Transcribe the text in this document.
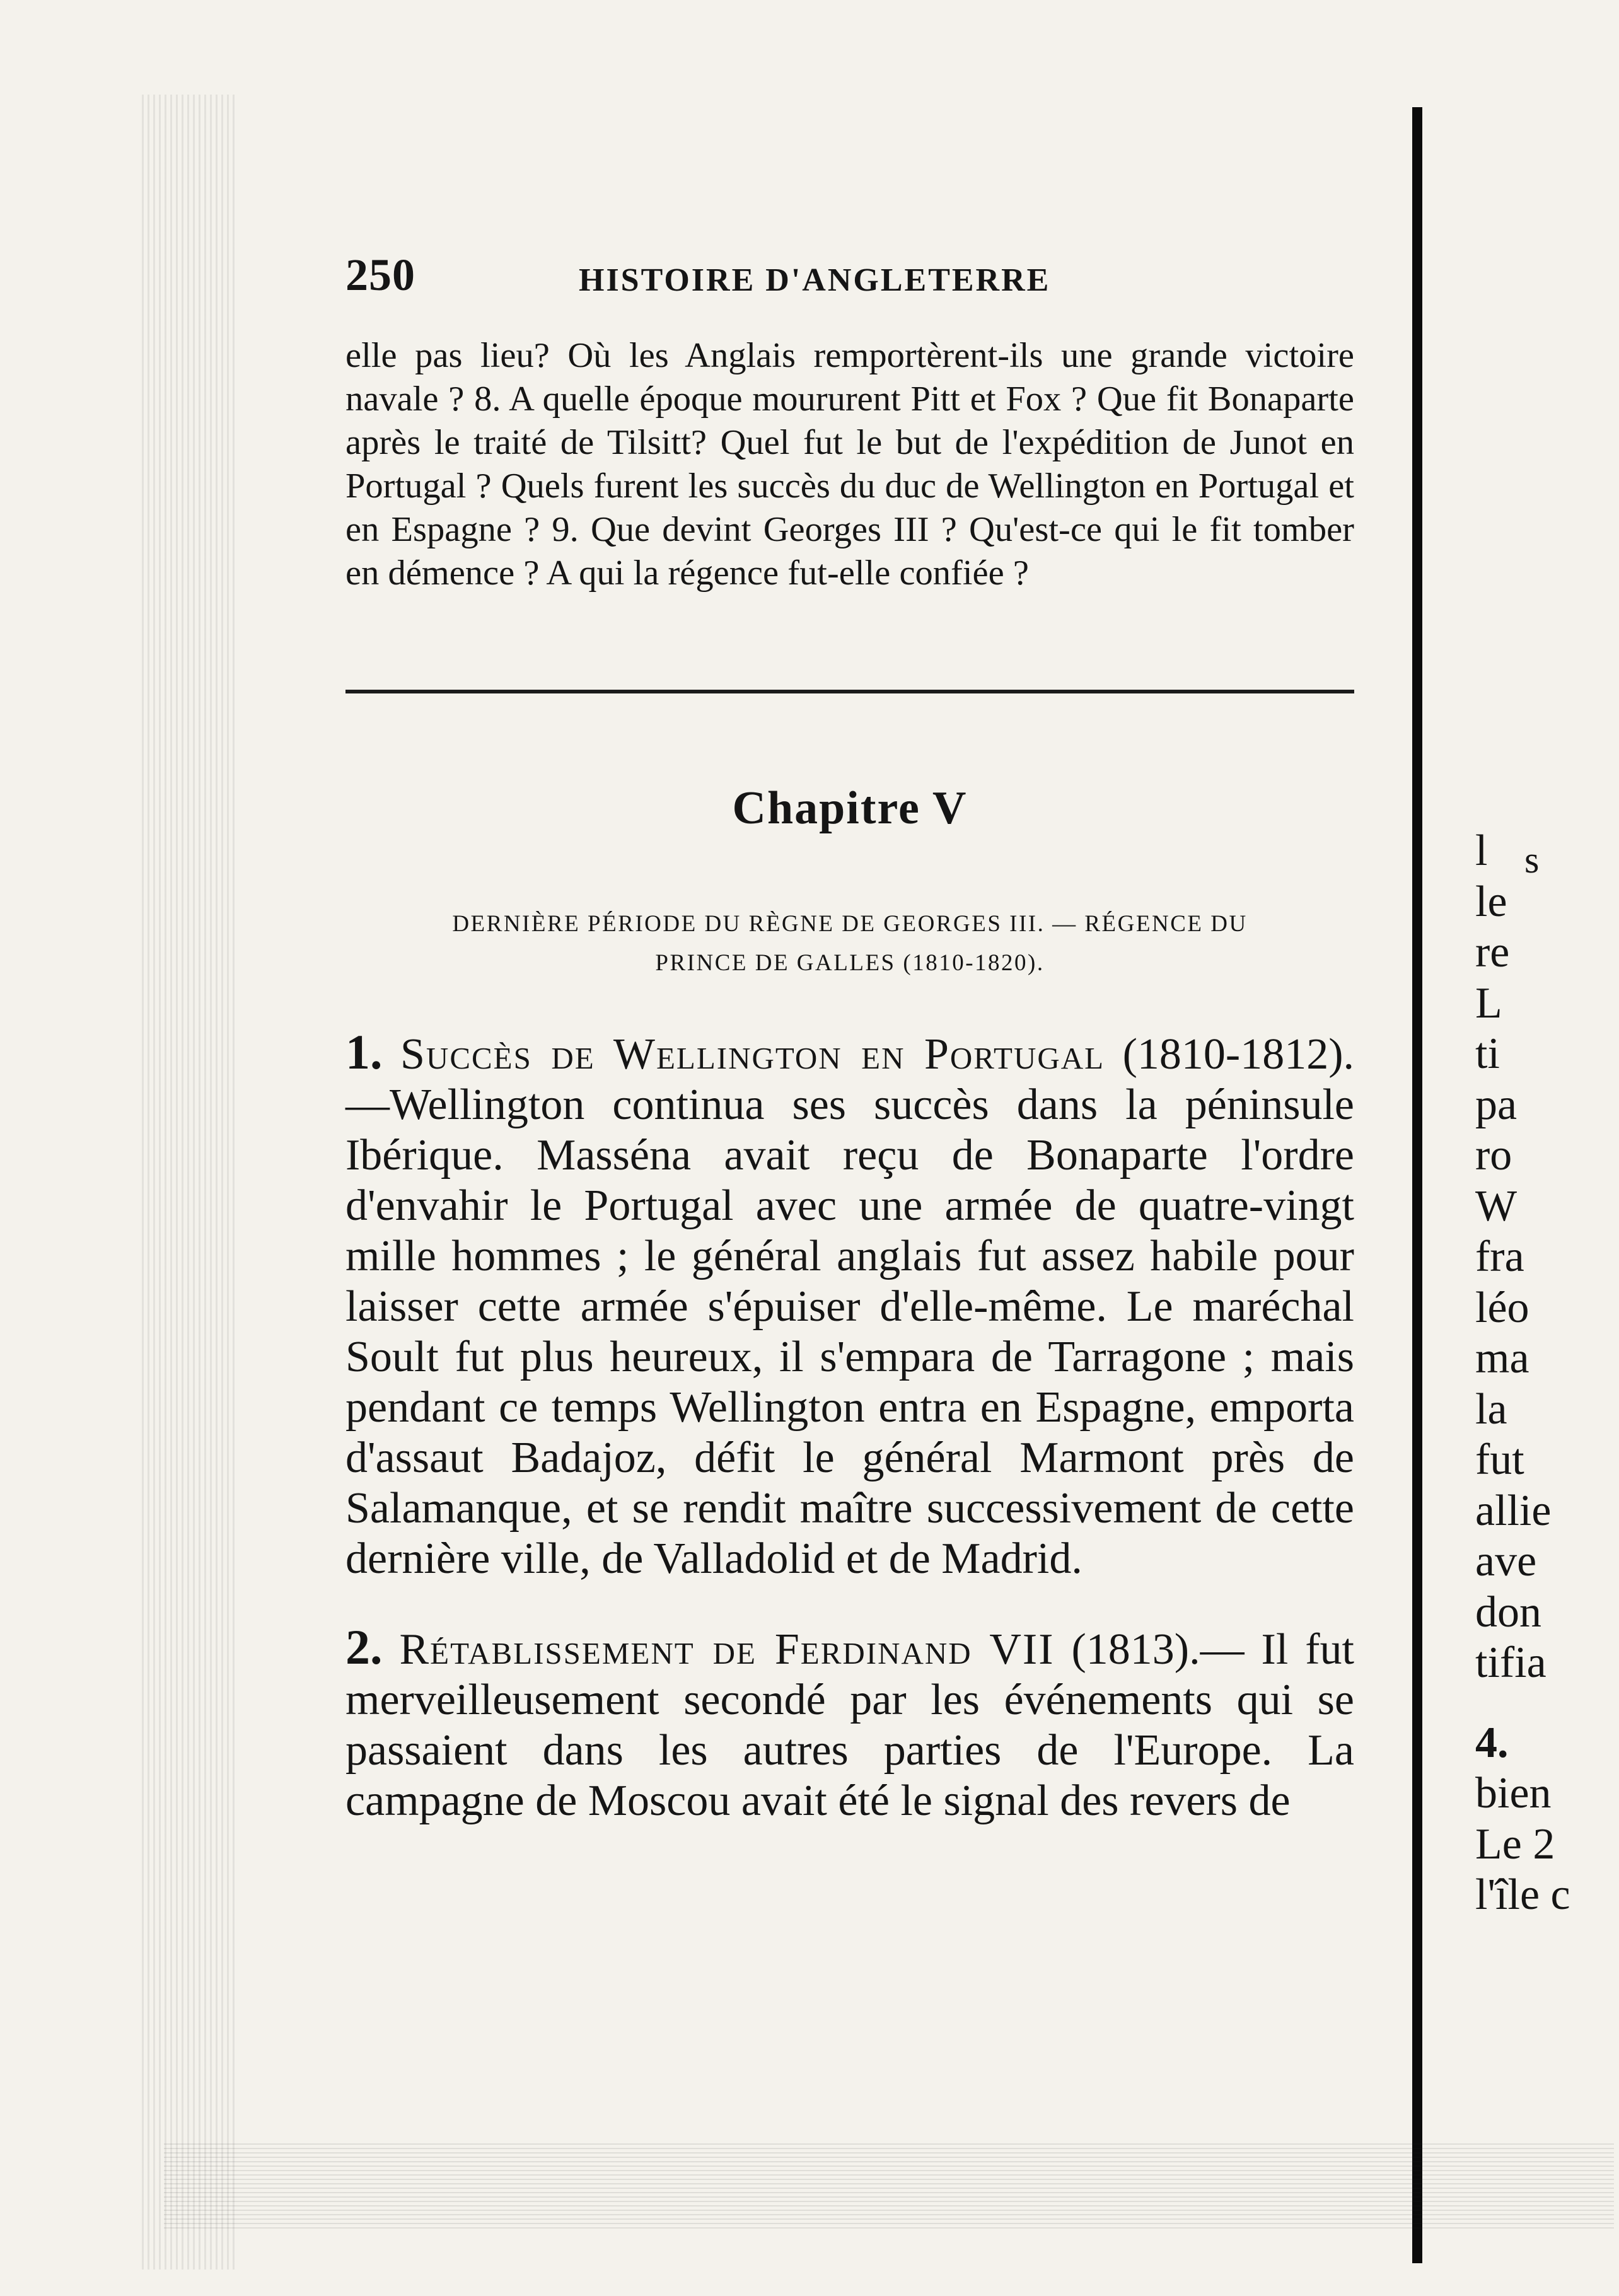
250	HISTOIRE D'ANGLETERRE
elle pas lieu? Où les Anglais remportèrent-ils une grande victoire navale ? 8. A quelle époque moururent Pitt et Fox ? Que fit Bonaparte après le traité de Tilsitt? Quel fut le but de l'expédition de Junot en Portugal ? Quels furent les succès du duc de Wellington en Portugal et en Espagne ? 9. Que devint Georges III ? Qu'est-ce qui le fit tomber en démence ? A qui la régence fut-elle confiée ?
Chapitre V
DERNIÈRE PÉRIODE DU RÈGNE DE GEORGES III. — RÉGENCE DU
PRINCE DE GALLES (1810-1820).
1. Succès de Wellington en Portugal (1810-1812).—Wellington continua ses succès dans la péninsule Ibérique. Masséna avait reçu de Bonaparte l'ordre d'envahir le Portugal avec une armée de quatre-vingt mille hommes ; le général anglais fut assez habile pour laisser cette armée s'épuiser d'elle-même. Le maréchal Soult fut plus heureux, il s'empara de Tarragone ; mais pendant ce temps Wellington entra en Espagne, emporta d'assaut Badajoz, défit le général Marmont près de Salamanque, et se rendit maître successivement de cette dernière ville, de Valladolid et de Madrid.
2. Rétablissement de Ferdinand VII (1813).— Il fut merveilleusement secondé par les événements qui se passaient dans les autres parties de l'Europe. La campagne de Moscou avait été le signal des revers de
s
l
le
re
L
ti
pa
ro
W
fra
léo
ma
la
fut
allie
ave
don
tifia
4.
bien
Le 2
l'île c
